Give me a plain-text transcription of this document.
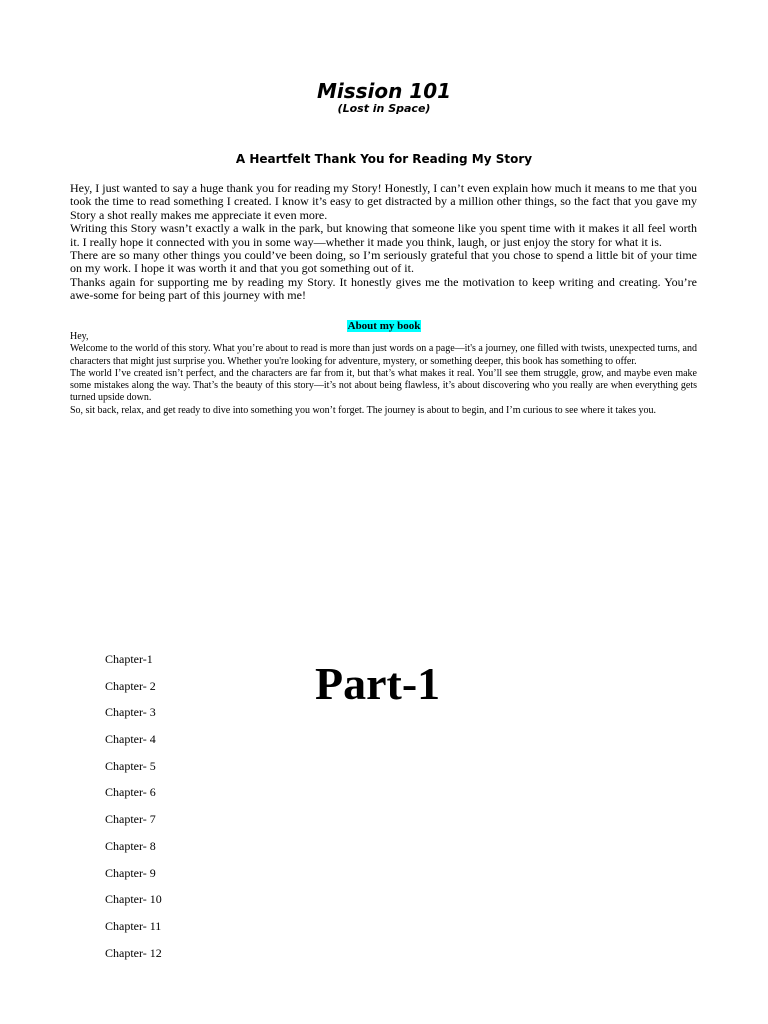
Mission 101
(Lost in Space)
A Heartfelt Thank You for Reading My Story

Hey, I just wanted to say a huge thank you for reading my Story! Honestly, I can’t even explain how much it means to me that you took the time to read something I created. I know it’s easy to get distracted by a million other things, so the fact that you gave my Story a shot really makes me appreciate it even more.

Writing this Story wasn’t exactly a walk in the park, but knowing that someone like you spent time with it makes it all feel worth it. I really hope it connected with you in some way—whether it made you think, laugh, or just enjoy the story for what it is.

There are so many other things you could’ve been doing, so I’m seriously grateful that you chose to spend a little bit of your time on my work. I hope it was worth it and that you got something out of it.

Thanks again for supporting me by reading my Story. It honestly gives me the motivation to keep writing and creating. You’re awe-some for being part of this journey with me!

About my book

Hey,

Welcome to the world of this story. What you’re about to read is more than just words on a page—it's a journey, one filled with twists, unexpected turns, and characters that might just surprise you. Whether you're looking for adventure, mystery, or something deeper, this book has something to offer.

The world I’ve created isn’t perfect, and the characters are far from it, but that’s what makes it real. You’ll see them struggle, grow, and maybe even make some mistakes along the way. That’s the beauty of this story—it’s not about being flawless, it’s about discovering who you really are when everything gets turned upside down.

So, sit back, relax, and get ready to dive into something you won’t forget. The journey is about to begin, and I’m curious to see where it takes you.

Chapter-1
Chapter- 2
Chapter- 3
Chapter- 4
Chapter- 5
Chapter- 6
Chapter- 7
Chapter- 8
Chapter- 9
Chapter- 10
Chapter- 11
Chapter- 12
Part-1
